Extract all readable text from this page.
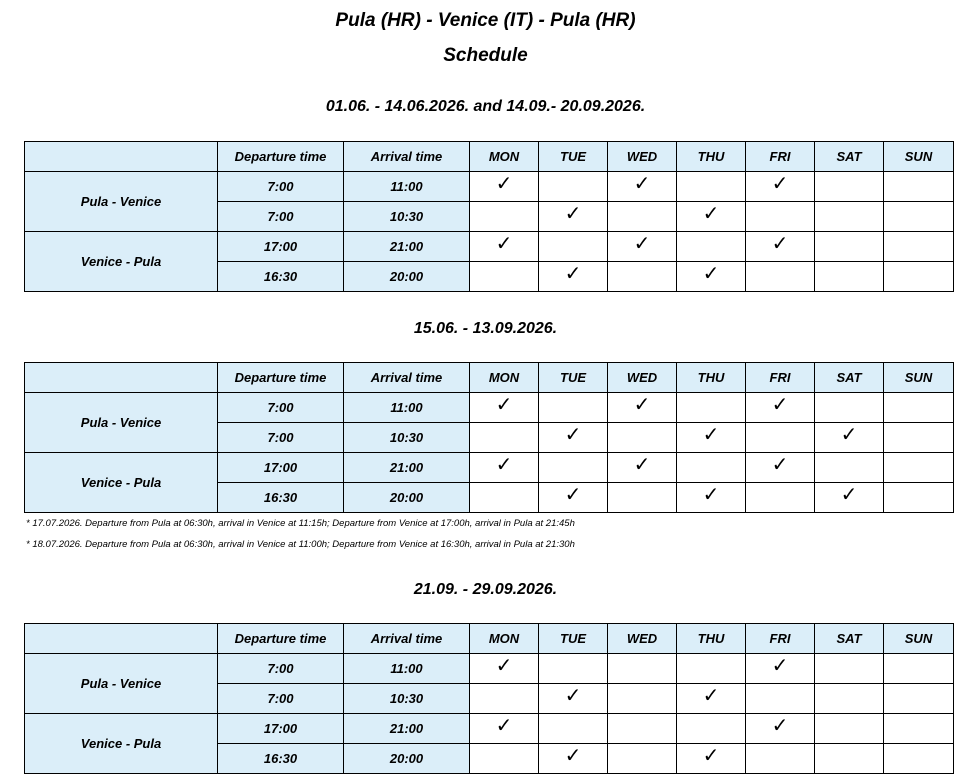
Pula (HR) - Venice (IT) - Pula (HR)
Schedule
01.06. - 14.06.2026. and 14.09.- 20.09.2026.
	Departure time	Arrival time	MON	TUE	WED	THU	FRI	SAT	SUN
Pula - Venice	7:00	11:00	✓		✓		✓		
	7:00	10:30		✓		✓			
Venice - Pula	17:00	21:00	✓		✓		✓		
	16:30	20:00		✓		✓			
15.06. - 13.09.2026.
	Departure time	Arrival time	MON	TUE	WED	THU	FRI	SAT	SUN
Pula - Venice	7:00	11:00	✓		✓		✓		
	7:00	10:30		✓		✓		✓	
Venice - Pula	17:00	21:00	✓		✓		✓		
	16:30	20:00		✓		✓		✓	
* 17.07.2026. Departure from Pula at 06:30h, arrival in Venice at 11:15h; Departure from Venice at 17:00h, arrival in Pula at 21:45h
* 18.07.2026. Departure from Pula at 06:30h, arrival in Venice at 11:00h; Departure from Venice at 16:30h, arrival in Pula at 21:30h
21.09. - 29.09.2026.
	Departure time	Arrival time	MON	TUE	WED	THU	FRI	SAT	SUN
Pula - Venice	7:00	11:00	✓				✓		
	7:00	10:30		✓		✓			
Venice - Pula	17:00	21:00	✓				✓		
	16:30	20:00		✓		✓			
